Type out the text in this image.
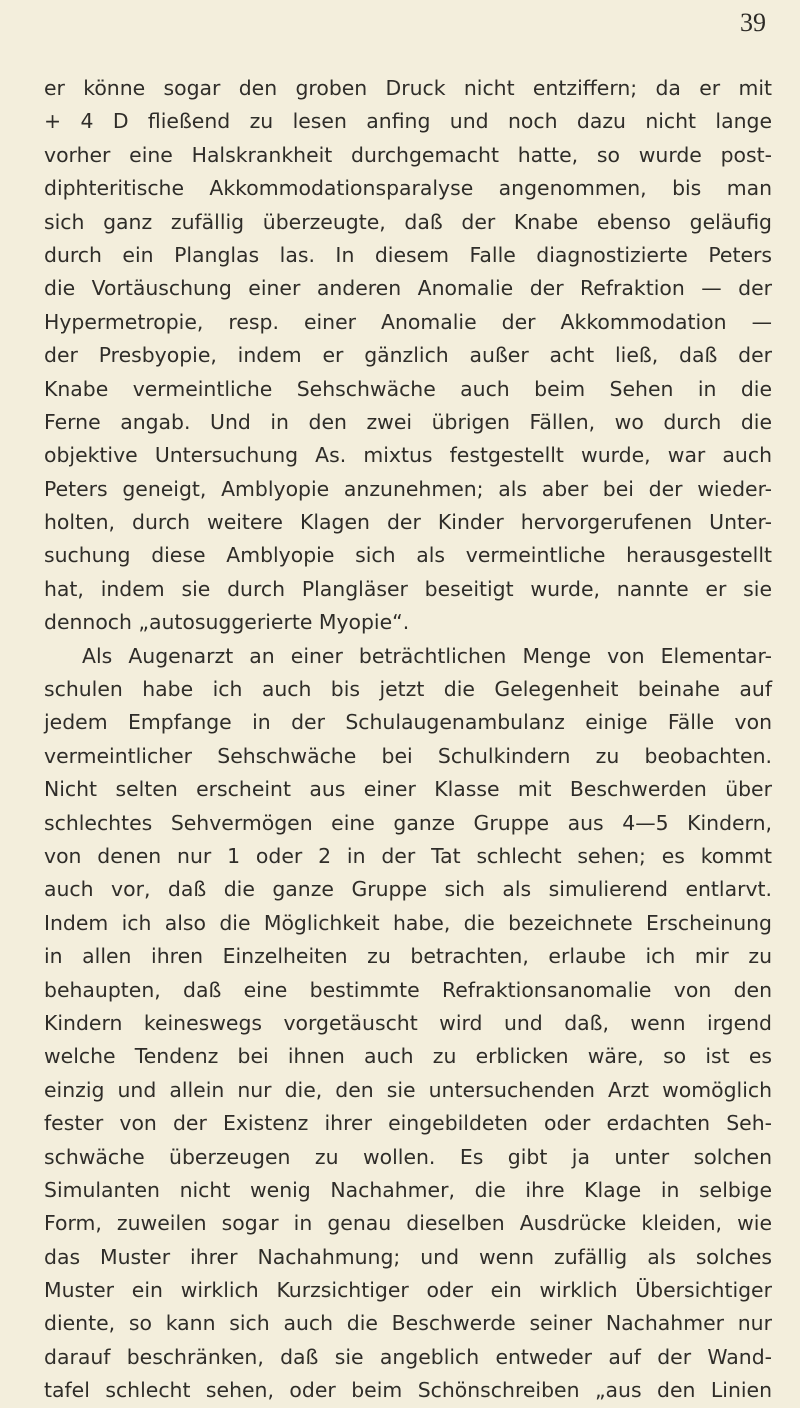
39
er könne sogar den groben Druck nicht entziffern; da er mit
+ 4 D fließend zu lesen anfing und noch dazu nicht lange
vorher eine Halskrankheit durchgemacht hatte, so wurde post-
diphteritische Akkommodationsparalyse angenommen, bis man
sich ganz zufällig überzeugte, daß der Knabe ebenso geläufig
durch ein Planglas las. In diesem Falle diagnostizierte Peters
die Vortäuschung einer anderen Anomalie der Refraktion — der
Hypermetropie, resp. einer Anomalie der Akkommodation —
der Presbyopie, indem er gänzlich außer acht ließ, daß der
Knabe vermeintliche Sehschwäche auch beim Sehen in die
Ferne angab. Und in den zwei übrigen Fällen, wo durch die
objektive Untersuchung As. mixtus festgestellt wurde, war auch
Peters geneigt, Amblyopie anzunehmen; als aber bei der wieder-
holten, durch weitere Klagen der Kinder hervorgerufenen Unter-
suchung diese Amblyopie sich als vermeintliche herausgestellt
hat, indem sie durch Plangläser beseitigt wurde, nannte er sie
dennoch „autosuggerierte Myopie“.
Als Augenarzt an einer beträchtlichen Menge von Elementar-
schulen habe ich auch bis jetzt die Gelegenheit beinahe auf
jedem Empfange in der Schulaugenambulanz einige Fälle von
vermeintlicher Sehschwäche bei Schulkindern zu beobachten.
Nicht selten erscheint aus einer Klasse mit Beschwerden über
schlechtes Sehvermögen eine ganze Gruppe aus 4—5 Kindern,
von denen nur 1 oder 2 in der Tat schlecht sehen; es kommt
auch vor, daß die ganze Gruppe sich als simulierend entlarvt.
Indem ich also die Möglichkeit habe, die bezeichnete Erscheinung
in allen ihren Einzelheiten zu betrachten, erlaube ich mir zu
behaupten, daß eine bestimmte Refraktionsanomalie von den
Kindern keineswegs vorgetäuscht wird und daß, wenn irgend
welche Tendenz bei ihnen auch zu erblicken wäre, so ist es
einzig und allein nur die, den sie untersuchenden Arzt womöglich
fester von der Existenz ihrer eingebildeten oder erdachten Seh-
schwäche überzeugen zu wollen. Es gibt ja unter solchen
Simulanten nicht wenig Nachahmer, die ihre Klage in selbige
Form, zuweilen sogar in genau dieselben Ausdrücke kleiden, wie
das Muster ihrer Nachahmung; und wenn zufällig als solches
Muster ein wirklich Kurzsichtiger oder ein wirklich Übersichtiger
diente, so kann sich auch die Beschwerde seiner Nachahmer nur
darauf beschränken, daß sie angeblich entweder auf der Wand-
tafel schlecht sehen, oder beim Schönschreiben „aus den Linien
